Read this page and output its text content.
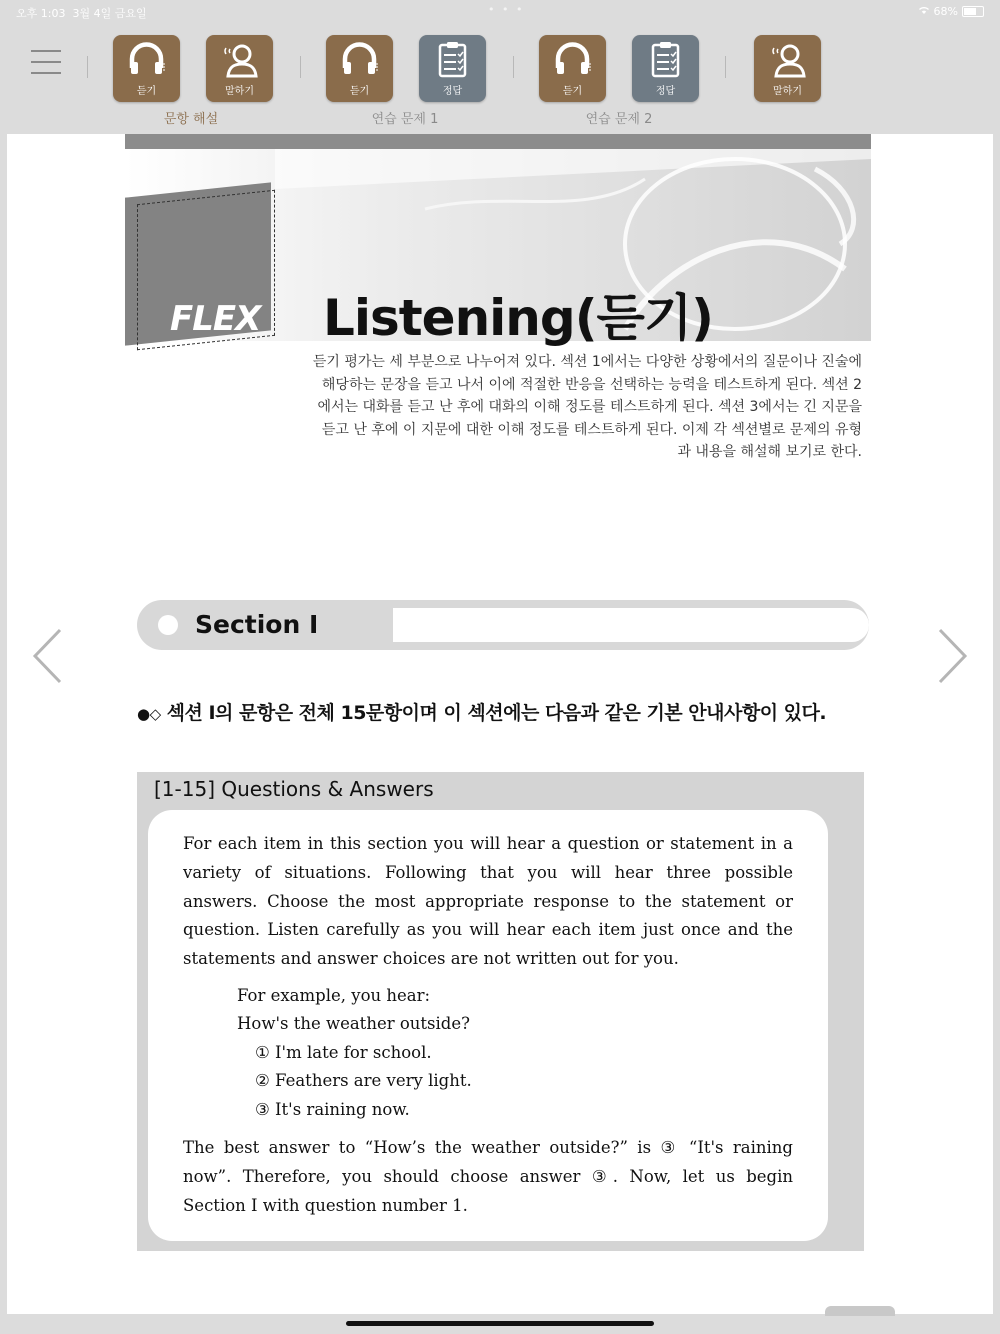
오후 1:03 3월 4일 금요일	• • •	68%
듣기	말하기	듣기	정답	듣기	정답	말하기
문항 해설	연습 문제 1	연습 문제 2
FLEX Listening(듣기)
듣기 평가는 세 부분으로 나누어져 있다. 섹션 1에서는 다양한 상황에서의 질문이나 진술에 해당하는 문장을 듣고 나서 이에 적절한 반응을 선택하는 능력을 테스트하게 된다. 섹션 2에서는 대화를 듣고 난 후에 대화의 이해 정도를 테스트하게 된다. 섹션 3에서는 긴 지문을 듣고 난 후에 이 지문에 대한 이해 정도를 테스트하게 된다. 이제 각 섹션별로 문제의 유형과 내용을 해설해 보기로 한다.
Section Ⅰ
●◇ 섹션 Ⅰ의 문항은 전체 15문항이며 이 섹션에는 다음과 같은 기본 안내사항이 있다.
[1-15] Questions & Answers
For each item in this section you will hear a question or statement in a variety of situations. Following that you will hear three possible answers. Choose the most appropriate response to the statement or question. Listen carefully as you will hear each item just once and the statements and answer choices are not written out for you.
For example, you hear:
How's the weather outside?
① I'm late for school.
② Feathers are very light.
③ It's raining now.
The best answer to “How’s the weather outside?” is ③ “It's raining now”. Therefore, you should choose answer ③. Now, let us begin Section I with question number 1.
